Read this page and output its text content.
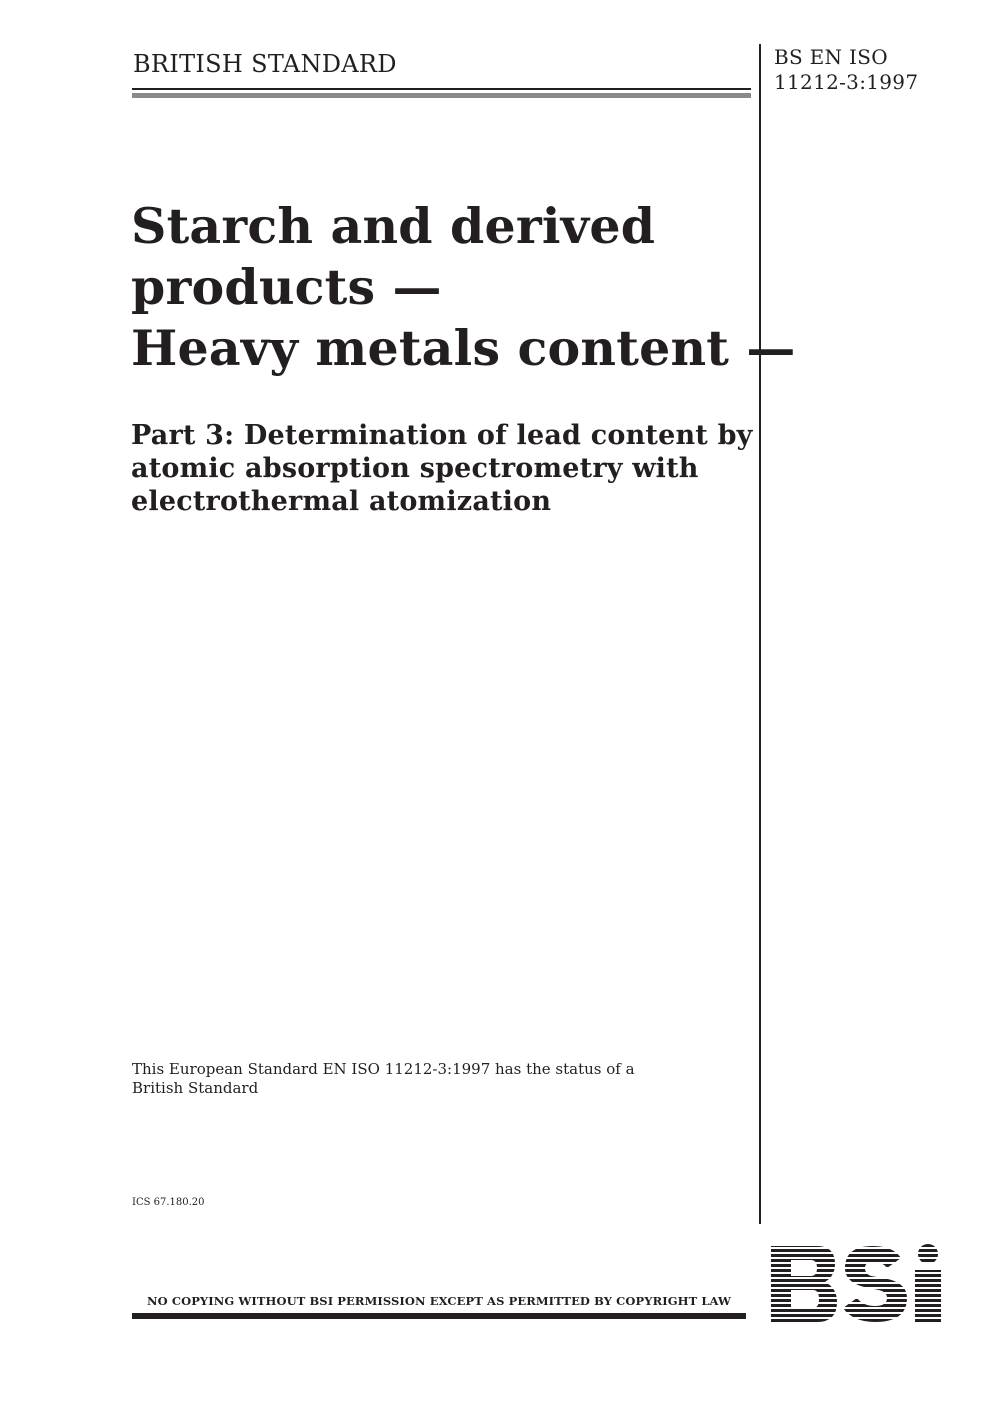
BRITISH STANDARD	BS EN ISO
11212-3:1997
Starch and derived
products —
Heavy metals content —
Part 3: Determination of lead content by
atomic absorption spectrometry with
electrothermal atomization
This European Standard EN ISO 11212-3:1997 has the status of a
British Standard
ICS 67.180.20
NO COPYING WITHOUT BSI PERMISSION EXCEPT AS PERMITTED BY COPYRIGHT LAW
